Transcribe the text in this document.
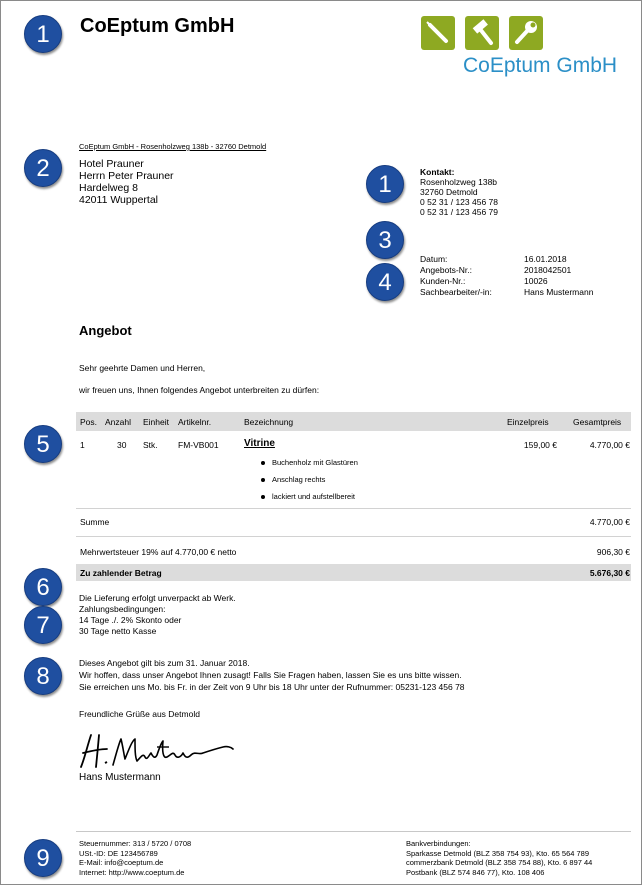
1
2
1
3
4
5
6
7
8
9
CoEptum GmbH
CoEptum GmbH
CoEptum GmbH - Rosenholzweg 138b - 32760 Detmold
Hotel Prauner
Herrn Peter Prauner
Hardelweg 8
42011 Wuppertal
Kontakt:
Rosenholzweg 138b
32760 Detmold
0 52 31 / 123 456 78
0 52 31 / 123 456 79
Datum:	16.01.2018
Angebots-Nr.:	2018042501
Kunden-Nr.:	10026
Sachbearbeiter/-in:	Hans Mustermann
Angebot
Sehr geehrte Damen und Herren,
wir freuen uns, Ihnen folgendes Angebot unterbreiten zu dürfen:
Pos. Anzahl Einheit Artikelnr.	Bezeichnung	Einzelpreis	Gesamtpreis
1	30 Stk. FM-VB001	Vitrine	159,00 €	4.770,00 €
Buchenholz mit Glastüren
Anschlag rechts
lackiert und aufstellbereit
Summe	4.770,00 €
Mehrwertsteuer 19% auf 4.770,00 € netto	906,30 €
Zu zahlender Betrag	5.676,30 €
Die Lieferung erfolgt unverpackt ab Werk.
Zahlungsbedingungen:
14 Tage ./. 2% Skonto oder
30 Tage netto Kasse
Dieses Angebot gilt bis zum 31. Januar 2018.
Wir hoffen, dass unser Angebot Ihnen zusagt! Falls Sie Fragen haben, lassen Sie es uns bitte wissen.
Sie erreichen uns Mo. bis Fr. in der Zeit von 9 Uhr bis 18 Uhr unter der Rufnummer: 05231-123 456 78
Freundliche Grüße aus Detmold
Hans Mustermann
Steuernummer: 313 / 5720 / 0708
USt.-ID: DE 123456789
E-Mail: info@coeptum.de
Internet: http://www.coeptum.de
Bankverbindungen:
Sparkasse Detmold (BLZ 358 754 93), Kto. 65 564 789
commerzbank Detmold (BLZ 358 754 88), Kto. 6 897 44
Postbank (BLZ 574 846 77), Kto. 108 406
